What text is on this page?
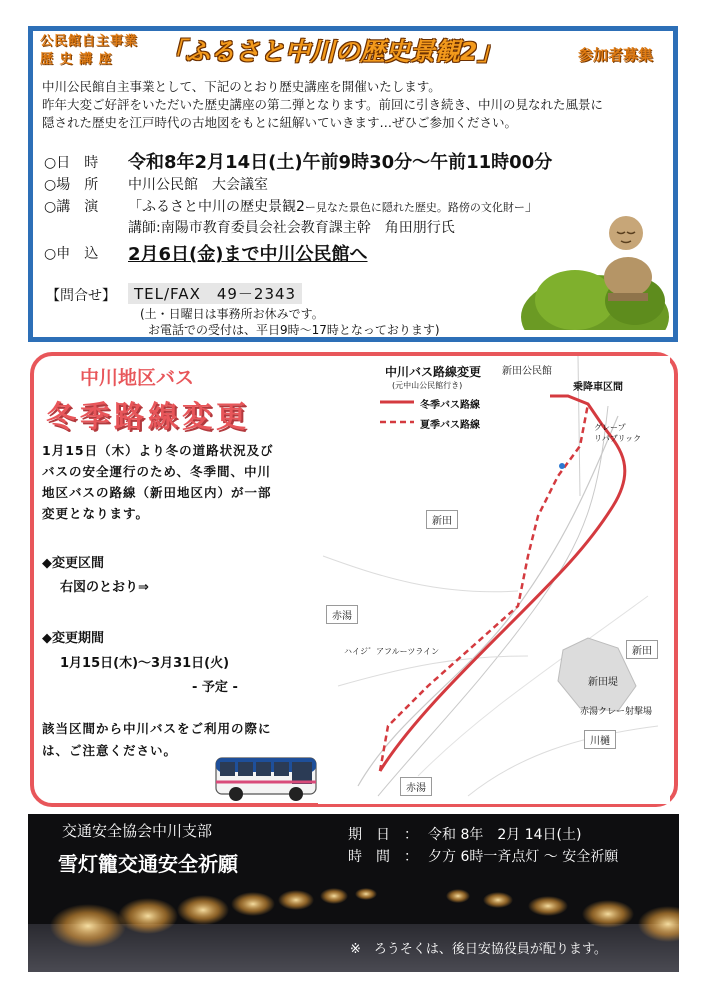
公民館自主事業
歴 史 講 座 「ふるさと中川の歴史景観2」	参加者募集
中川公民館自主事業として、下記のとおり歴史講座を開催いたします。
昨年大変ご好評をいただいた歴史講座の第二弾となります。前回に引き続き、中川の見なれた風景に
隠された歴史を江戸時代の古地図をもとに紐解いていきます…ぜひご参加ください。
○日　時 令和8年2月14日(土)午前9時30分～午前11時00分
○場　所 中川公民館　大会議室
○講　演 「ふるさと中川の歴史景観2ー見なた景色に隠れた歴史。路傍の文化財ー」
講師:南陽市教育委員会社会教育課主幹　角田朋行氏
○申　込 2月6日(金)まで中川公民館へ
【問合せ】	TEL/FAX　49－2343
(土・日曜日は事務所お休みです。
お電話での受付は、平日9時～17時となっております)
中川地区バス
冬季路線変更
1月15日（木）より冬の道路状況及び
バスの安全運行のため、冬季間、中川
地区バスの路線（新田地区内）が一部
変更となります。
◆変更区間
右図のとおり⇒
◆変更期間
1月15日(木)～3月31日(火)
- 予定 -
該当区間から中川バスをご利用の際に
は、ご注意ください。
中川バス路線変更
(元中山公民館行き)
冬季バス路線
夏季バス路線
新田公民館
乗降車区間
グレープ
リパブリック
新田
新田
赤湯
赤湯
川樋
新田堤
赤湯クレー射撃場
ハイジ゛アフルーツライン
交通安全協会中川支部
雪灯籠交通安全祈願
期　日　： 令和 8年　2月 14日(土)
時　間　： 夕方 6時一斉点灯 ～ 安全祈願
※　ろうそくは、後日安協役員が配ります。
